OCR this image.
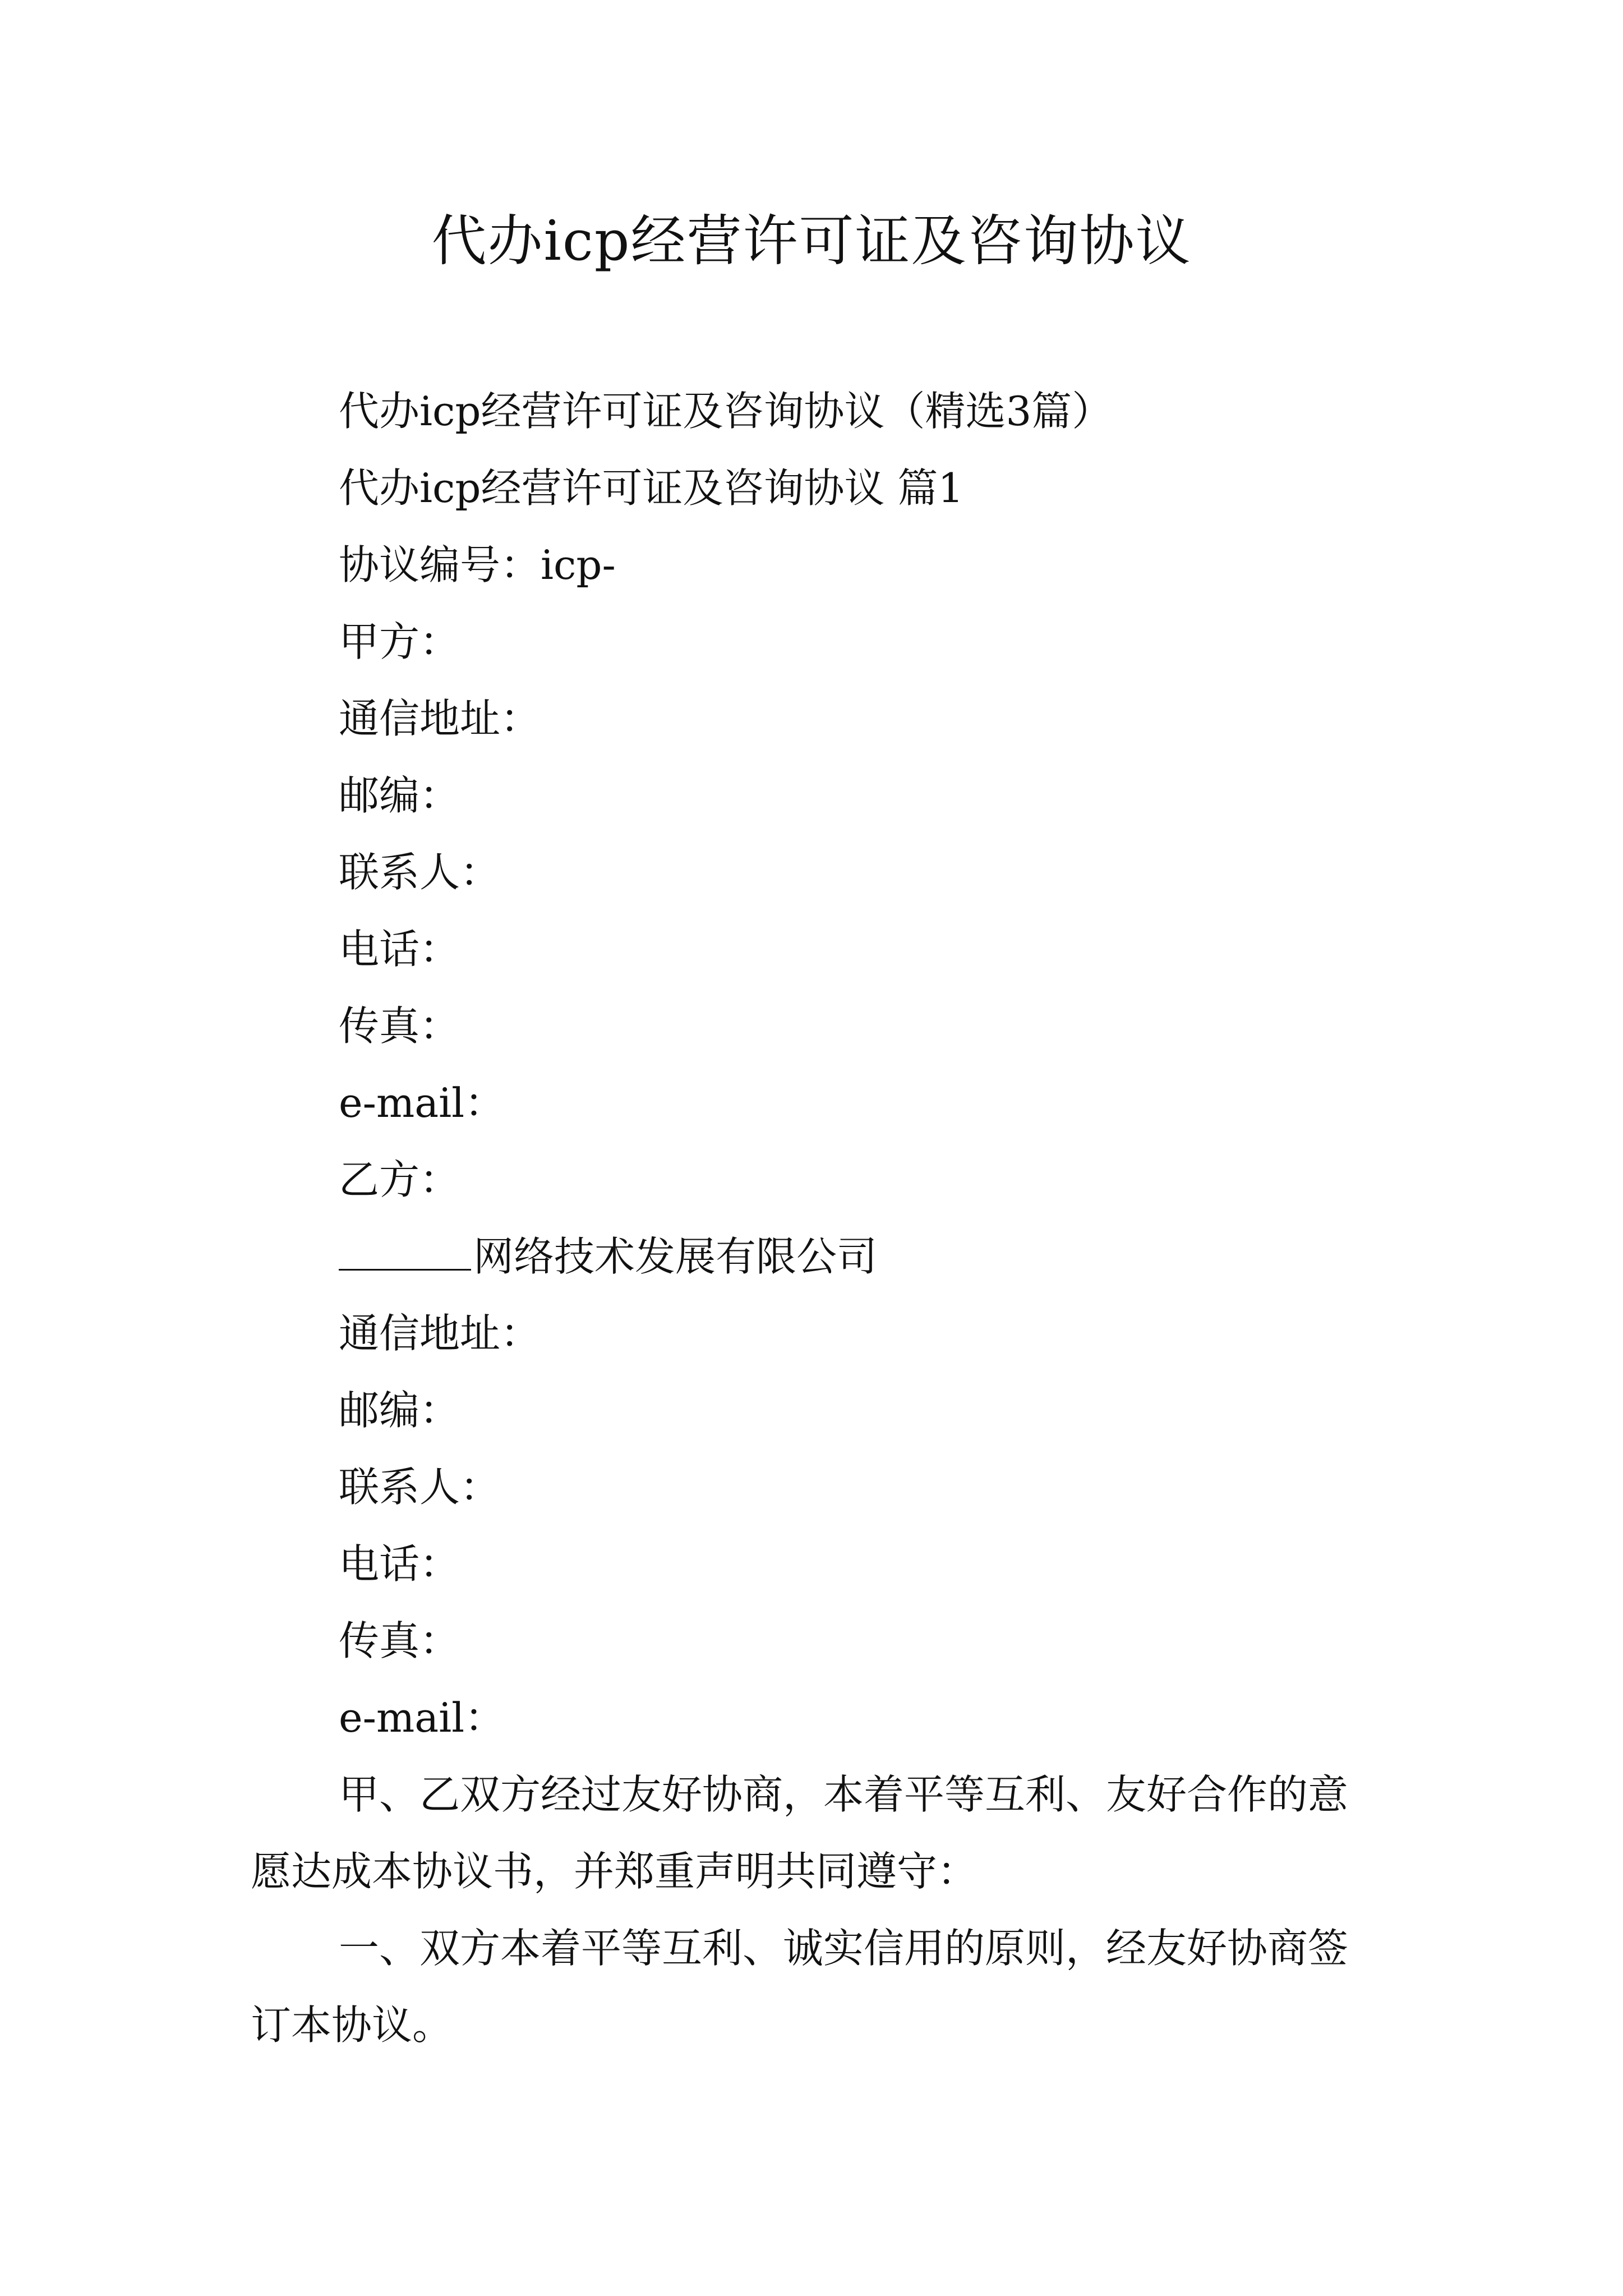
代办icp经营许可证及咨询协议
代办icp经营许可证及咨询协议（精选3篇）
代办icp经营许可证及咨询协议 篇1
协议编号：icp-
甲方：
通信地址：
邮编：
联系人：
电话：
传真：
e-mail：
乙方：
网络技术发展有限公司
通信地址：
邮编：
联系人：
电话：
传真：
e-mail：
甲、乙双方经过友好协商，本着平等互利、友好合作的意愿达成本协议书，并郑重声明共同遵守：
一、双方本着平等互利、诚实信用的原则，经友好协商签订本协议。
